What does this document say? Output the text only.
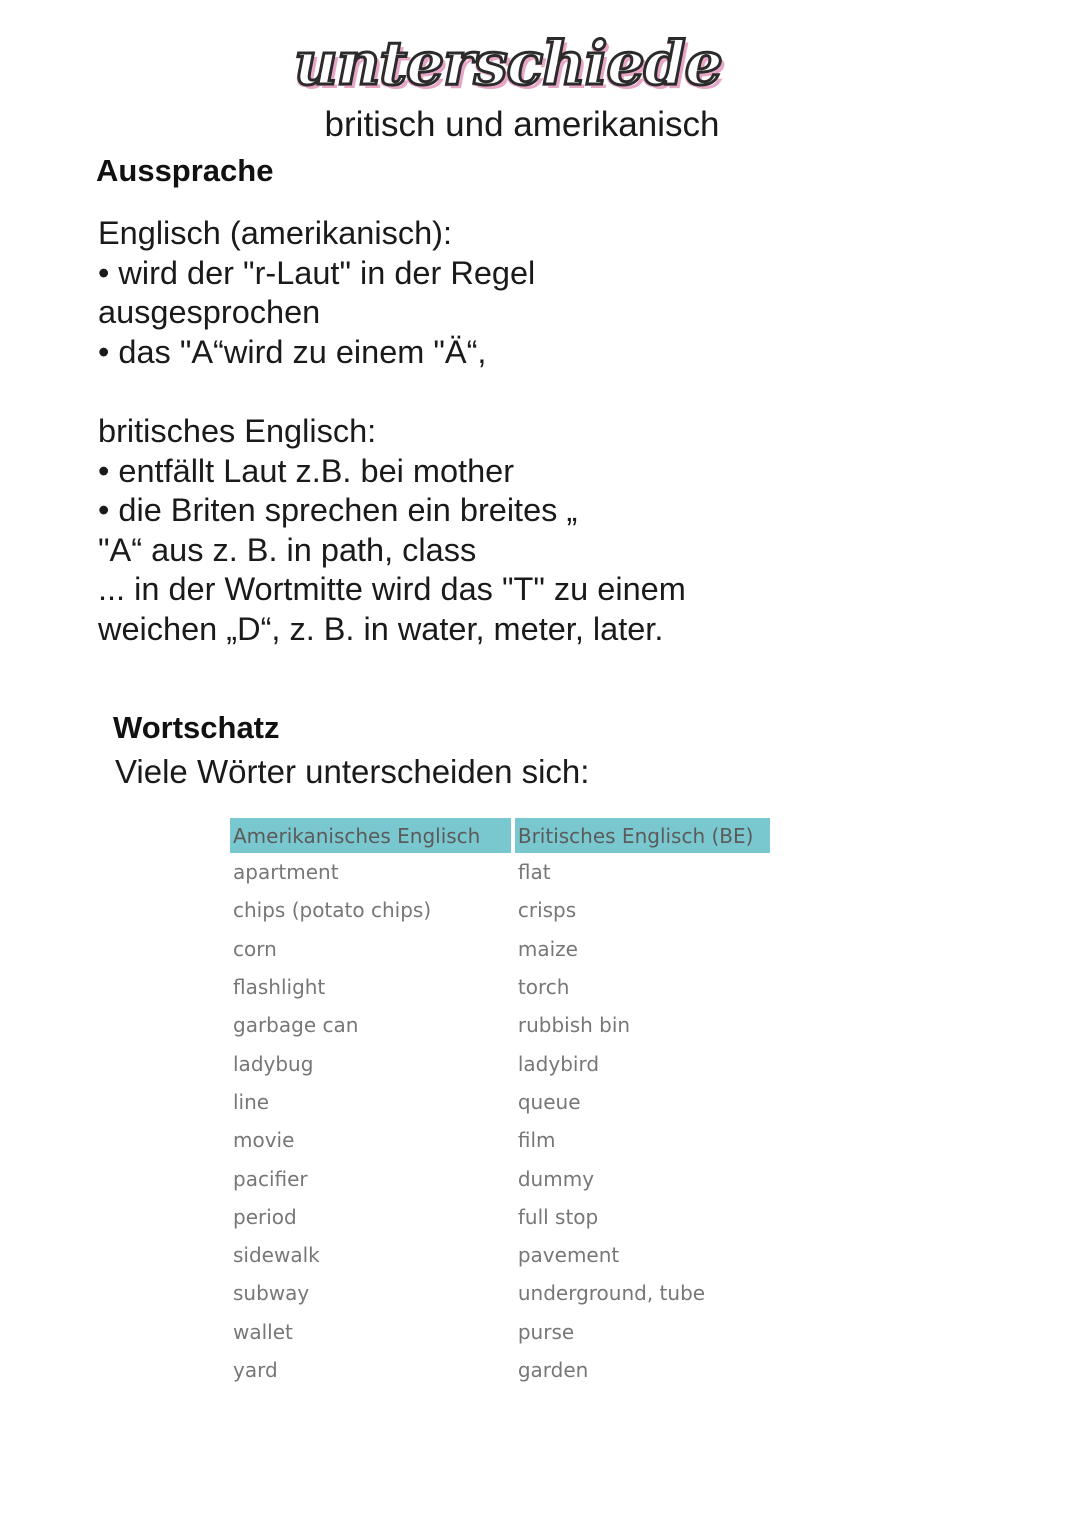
unterschiede
britisch und amerikanisch
Aussprache
Englisch (amerikanisch):
• wird der "r-Laut" in der Regel
ausgesprochen
• das "A“wird zu einem "Ä“,
britisches Englisch:
• entfällt Laut z.B. bei mother
• die Briten sprechen ein breites „
"A“ aus z. B. in path, class
... in der Wortmitte wird das "T" zu einem
weichen „D“, z. B. in water, meter, later.
Wortschatz
Viele Wörter unterscheiden sich:
Amerikanisches Englisch	Britisches Englisch (BE)
apartment	flat
chips (potato chips)	crisps
corn	maize
flashlight	torch
garbage can	rubbish bin
ladybug	ladybird
line	queue
movie	film
pacifier	dummy
period	full stop
sidewalk	pavement
subway	underground, tube
wallet	purse
yard	garden
